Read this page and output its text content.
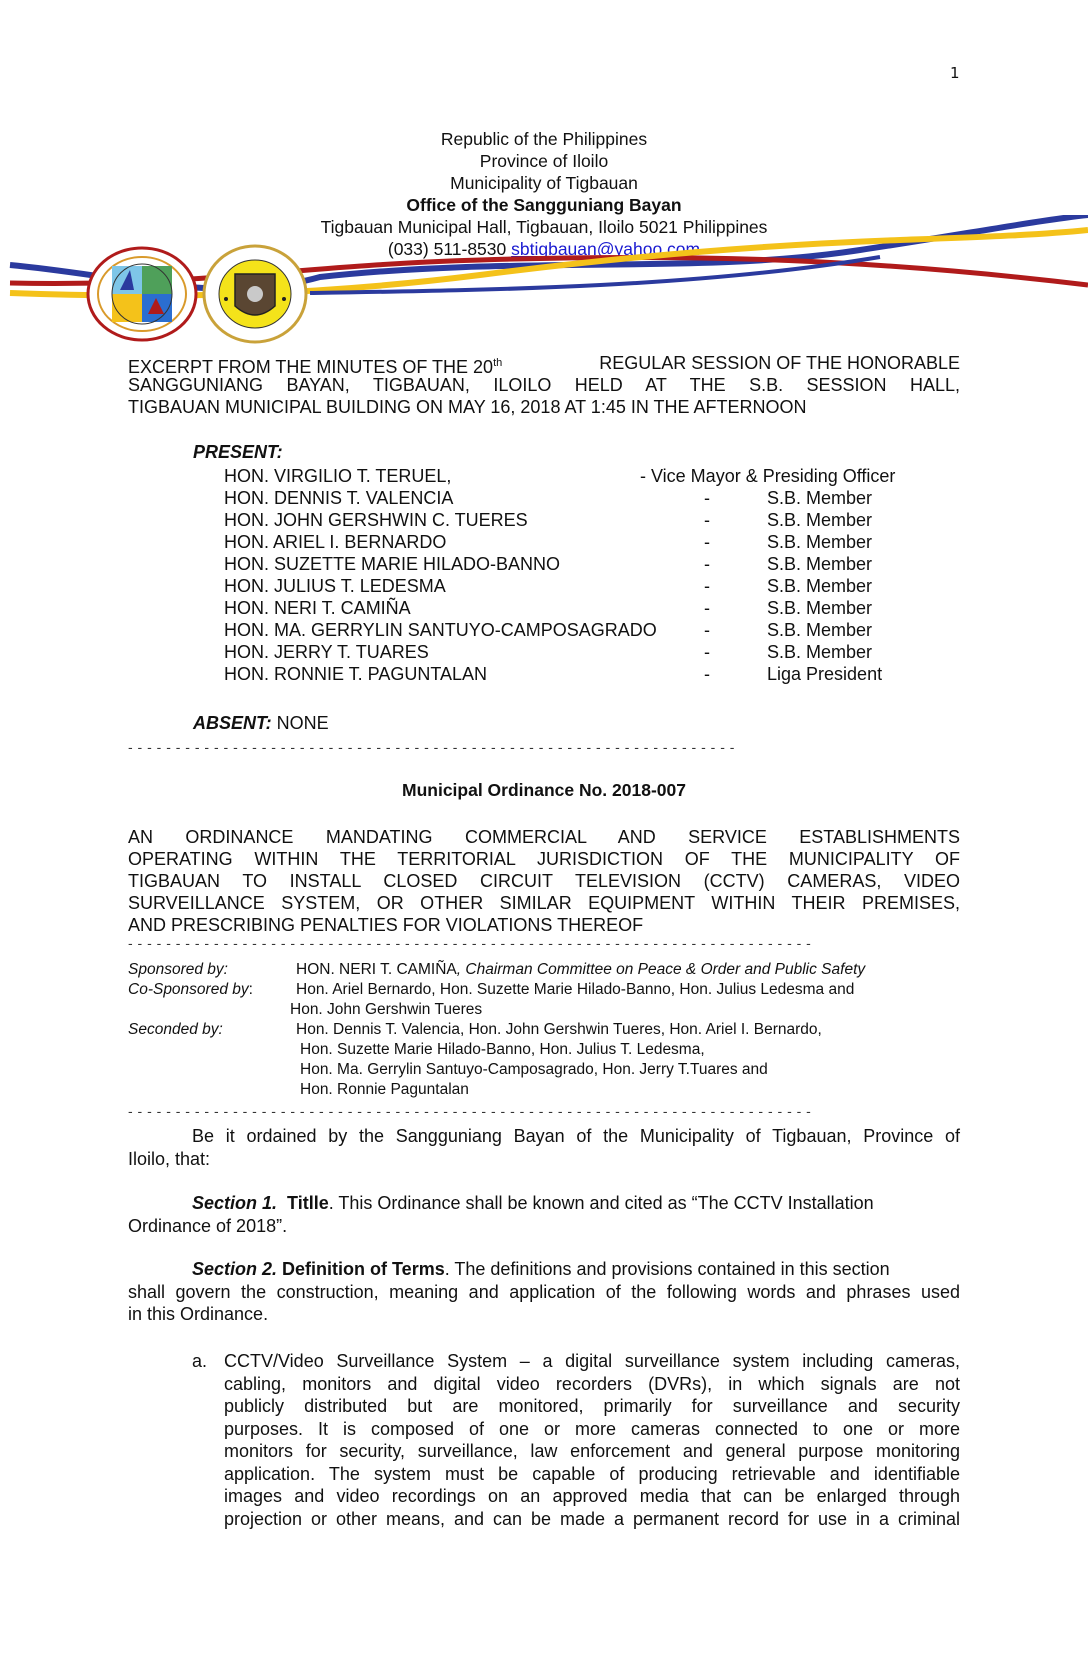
1
Republic of the Philippines
Province of Iloilo
Municipality of Tigbauan
Office of the Sangguniang Bayan
Tigbauan Municipal Hall, Tigbauan, Iloilo 5021 Philippines
(033) 511-8530 sbtigbauan@yahoo.com
EXCERPT FROM THE MINUTES OF THE 20th	REGULAR SESSION OF THE HONORABLE
SANGGUNIANG BAYAN, TIGBAUAN, ILOILO HELD AT THE S.B. SESSION HALL,
TIGBAUAN MUNICIPAL BUILDING ON MAY 16, 2018 AT 1:45 IN THE AFTERNOON
PRESENT:
HON. VIRGILIO T. TERUEL,	- Vice Mayor & Presiding Officer
HON. DENNIS T. VALENCIA	-	S.B. Member
HON. JOHN GERSHWIN C. TUERES	-	S.B. Member
HON. ARIEL I. BERNARDO	-	S.B. Member
HON. SUZETTE MARIE HILADO-BANNO	-	S.B. Member
HON. JULIUS T. LEDESMA	-	S.B. Member
HON. NERI T. CAMIÑA	-	S.B. Member
HON. MA. GERRYLIN SANTUYO-CAMPOSAGRADO	-	S.B. Member
HON. JERRY T. TUARES	-	S.B. Member
HON. RONNIE T. PAGUNTALAN	-	Liga President
ABSENT: NONE
- - - - - - - - - - - - - - - - - - - - - - - - - - - - - - - - - - - - - - - - - - - - - - - - - - - - - - - - - - - - - - - -
Municipal Ordinance No. 2018-007
AN ORDINANCE MANDATING COMMERCIAL AND SERVICE ESTABLISHMENTS
OPERATING WITHIN THE TERRITORIAL JURISDICTION OF THE MUNICIPALITY OF
TIGBAUAN TO INSTALL CLOSED CIRCUIT TELEVISION (CCTV) CAMERAS, VIDEO
SURVEILLANCE SYSTEM, OR OTHER SIMILAR EQUIPMENT WITHIN THEIR PREMISES,
AND PRESCRIBING PENALTIES FOR VIOLATIONS THEREOF
- - - - - - - - - - - - - - - - - - - - - - - - - - - - - - - - - - - - - - - - - - - - - - - - - - - - - - - - - - - - - - - - - - - - - - - -
Sponsored by:	HON. NERI T. CAMIÑA, Chairman Committee on Peace & Order and Public Safety
Co-Sponsored by:	Hon. Ariel Bernardo, Hon. Suzette Marie Hilado-Banno, Hon. Julius Ledesma and
Hon. John Gershwin Tueres
Seconded by:	Hon. Dennis T. Valencia, Hon. John Gershwin Tueres, Hon. Ariel I. Bernardo,
Hon. Suzette Marie Hilado-Banno, Hon. Julius T. Ledesma,
Hon. Ma. Gerrylin Santuyo-Camposagrado, Hon. Jerry T.Tuares and
Hon. Ronnie Paguntalan
- - - - - - - - - - - - - - - - - - - - - - - - - - - - - - - - - - - - - - - - - - - - - - - - - - - - - - - - - - - - - - - - - - - - - - - -
Be it ordained by the Sangguniang Bayan of the Municipality of Tigbauan, Province of
Iloilo, that:
Section 1.
Titlle . This Ordinance shall be known and cited as “The CCTV Installation
Ordinance of 2018”.
Section 2.
Definition of Terms . The definitions and provisions contained in this section
shall govern the construction, meaning and application of the following words and phrases used
in this Ordinance.
a. CCTV/Video Surveillance System – a digital surveillance system including cameras,
cabling, monitors and digital video recorders (DVRs), in which signals are not
publicly distributed but are monitored, primarily for surveillance and security
purposes. It is composed of one or more cameras connected to one or more
monitors for security, surveillance, law enforcement and general purpose monitoring
application. The system must be capable of producing retrievable and identifiable
images and video recordings on an approved media that can be enlarged through
projection or other means, and can be made a permanent record for use in a criminal
